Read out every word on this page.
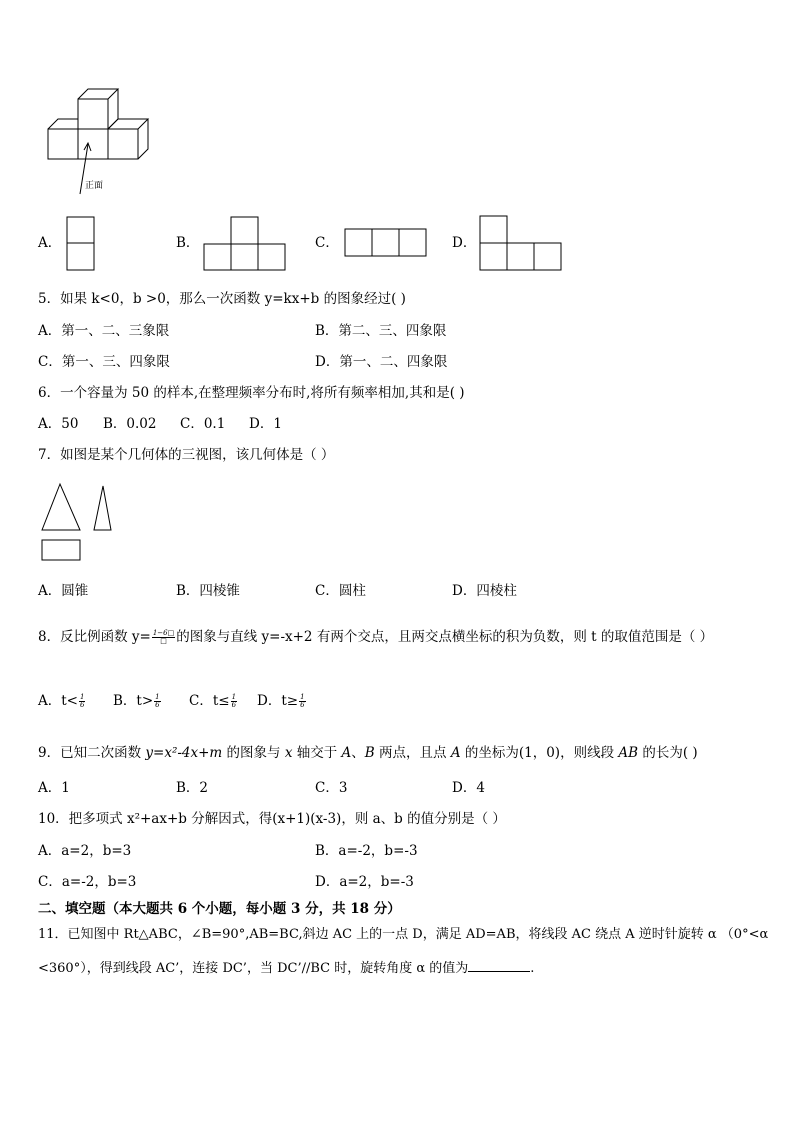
正面
A．	B．	C．	D．
5．如果 k<0，b >0，那么一次函数 y=kx+b 的图象经过( )
A．第一、二、三象限	B．第二、三、四象限
C．第一、三、四象限	D．第一、二、四象限
6．一个容量为 50 的样本,在整理频率分布时,将所有频率相加,其和是( )
A．50 B．0.02 C．0.1 D．1
7．如图是某个几何体的三视图，该几何体是（ ）
A．圆锥	B．四棱锥	C．圆柱	D．四棱柱
8．反比例函数 $y= \frac{1-6□}{□}$ 的图象与直线 y=-x+2 有两个交点，且两交点横坐标的积为负数，则 t 的取值范围是（ ）
A．$t< \frac{1}{6}$ B．$t> \frac{1}{6}$ C．$t\le \frac{1}{6}$ D．$t\ge \frac{1}{6}$
9．已知二次函数 y=x²-4x+m 的图象与 x 轴交于 A、B 两点，且点 A 的坐标为(1，0)，则线段 AB 的长为( )
A．1	B．2	C．3	D．4
10．把多项式 x²+ax+b 分解因式，得(x+1)(x-3)，则 a、b 的值分别是（ ）
A．a=2，b=3	B．a=-2，b=-3
C．a=-2，b=3	D．a=2，b=-3
二、填空题（本大题共 6 个小题，每小题 3 分，共 18 分）
11．已知图中 Rt△ABC，∠B=90°,AB=BC,斜边 AC 上的一点 D，满足 AD=AB，将线段 AC 绕点 A 逆时针旋转 α （0°<α
<360°），得到线段 AC’，连接 DC’，当 DC’//BC 时，旋转角度 α 的值为	.
